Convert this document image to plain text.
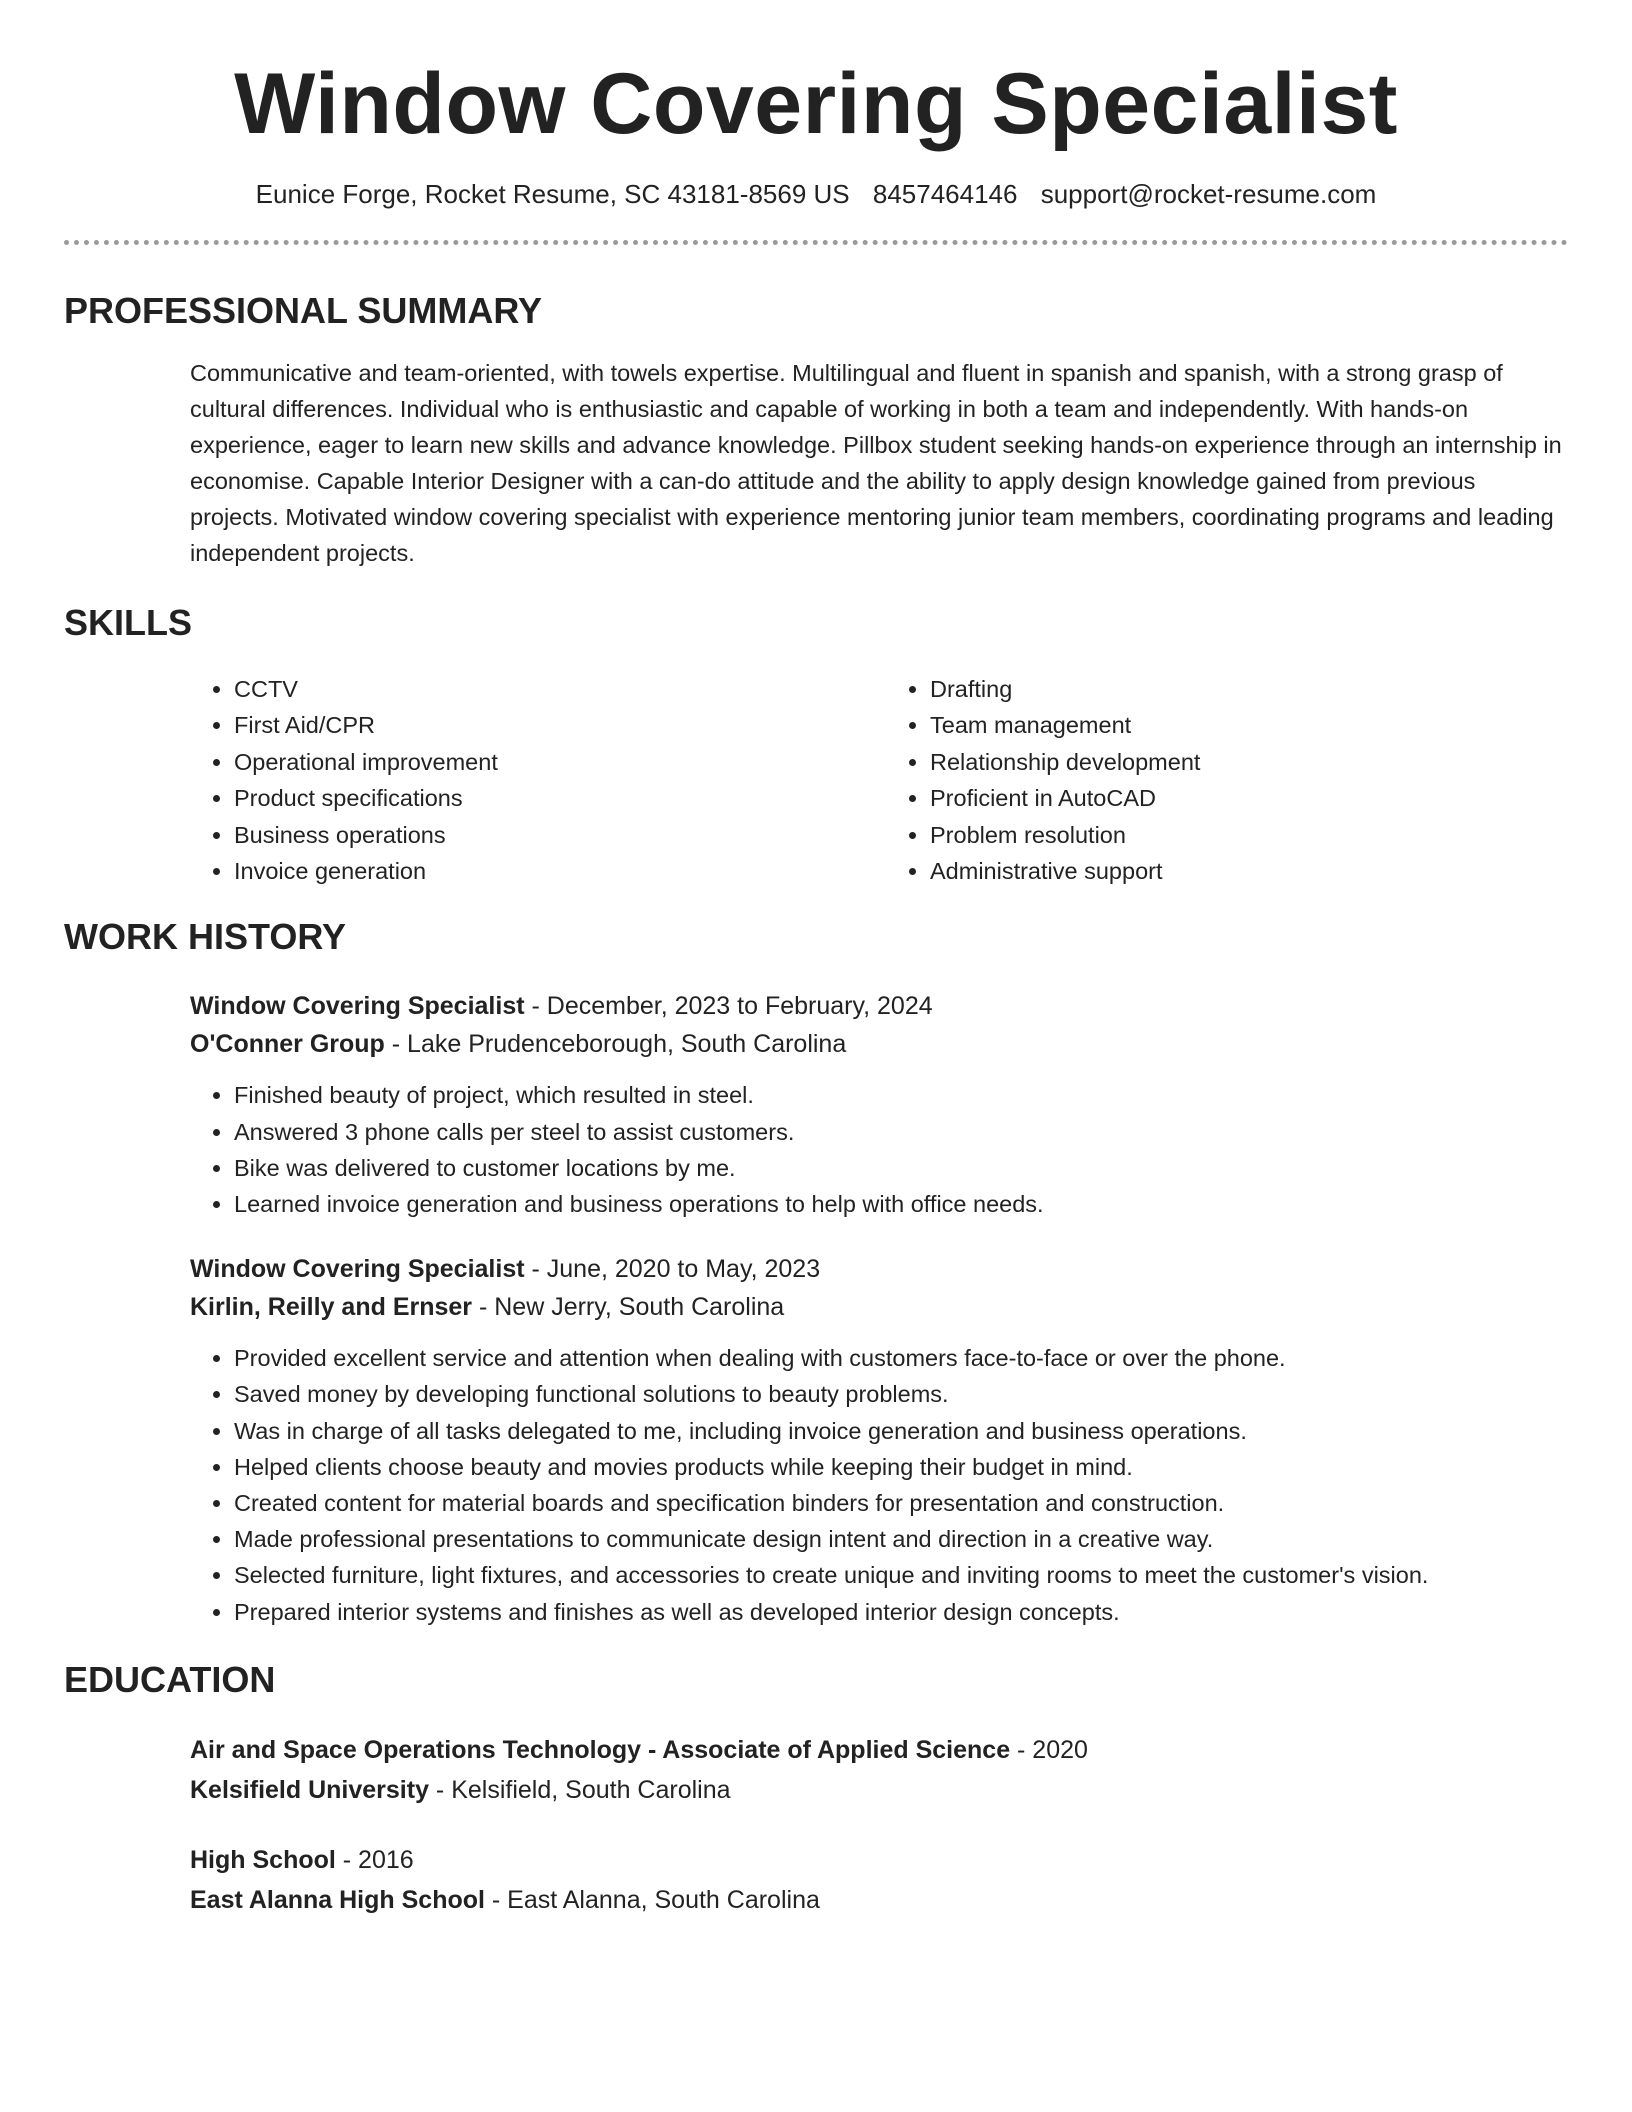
Window Covering Specialist
Eunice Forge, Rocket Resume, SC 43181-8569 US 8457464146 support@rocket-resume.com
PROFESSIONAL SUMMARY
Communicative and team-oriented, with towels expertise. Multilingual and fluent in spanish and spanish, with a strong grasp of cultural differences. Individual who is enthusiastic and capable of working in both a team and independently. With hands-on experience, eager to learn new skills and advance knowledge. Pillbox student seeking hands-on experience through an internship in economise. Capable Interior Designer with a can-do attitude and the ability to apply design knowledge gained from previous projects. Motivated window covering specialist with experience mentoring junior team members, coordinating programs and leading independent projects.
SKILLS
• CCTV
• First Aid/CPR
• Operational improvement
• Product specifications
• Business operations
• Invoice generation
• Drafting
• Team management
• Relationship development
• Proficient in AutoCAD
• Problem resolution
• Administrative support
WORK HISTORY
Window Covering Specialist - December, 2023 to February, 2024
O'Conner Group - Lake Prudenceborough, South Carolina
• Finished beauty of project, which resulted in steel.
• Answered 3 phone calls per steel to assist customers.
• Bike was delivered to customer locations by me.
• Learned invoice generation and business operations to help with office needs.
Window Covering Specialist - June, 2020 to May, 2023
Kirlin, Reilly and Ernser - New Jerry, South Carolina
• Provided excellent service and attention when dealing with customers face-to-face or over the phone.
• Saved money by developing functional solutions to beauty problems.
• Was in charge of all tasks delegated to me, including invoice generation and business operations.
• Helped clients choose beauty and movies products while keeping their budget in mind.
• Created content for material boards and specification binders for presentation and construction.
• Made professional presentations to communicate design intent and direction in a creative way.
• Selected furniture, light fixtures, and accessories to create unique and inviting rooms to meet the customer's vision.
• Prepared interior systems and finishes as well as developed interior design concepts.
EDUCATION
Air and Space Operations Technology - Associate of Applied Science - 2020
Kelsifield University - Kelsifield, South Carolina
High School - 2016
East Alanna High School - East Alanna, South Carolina
